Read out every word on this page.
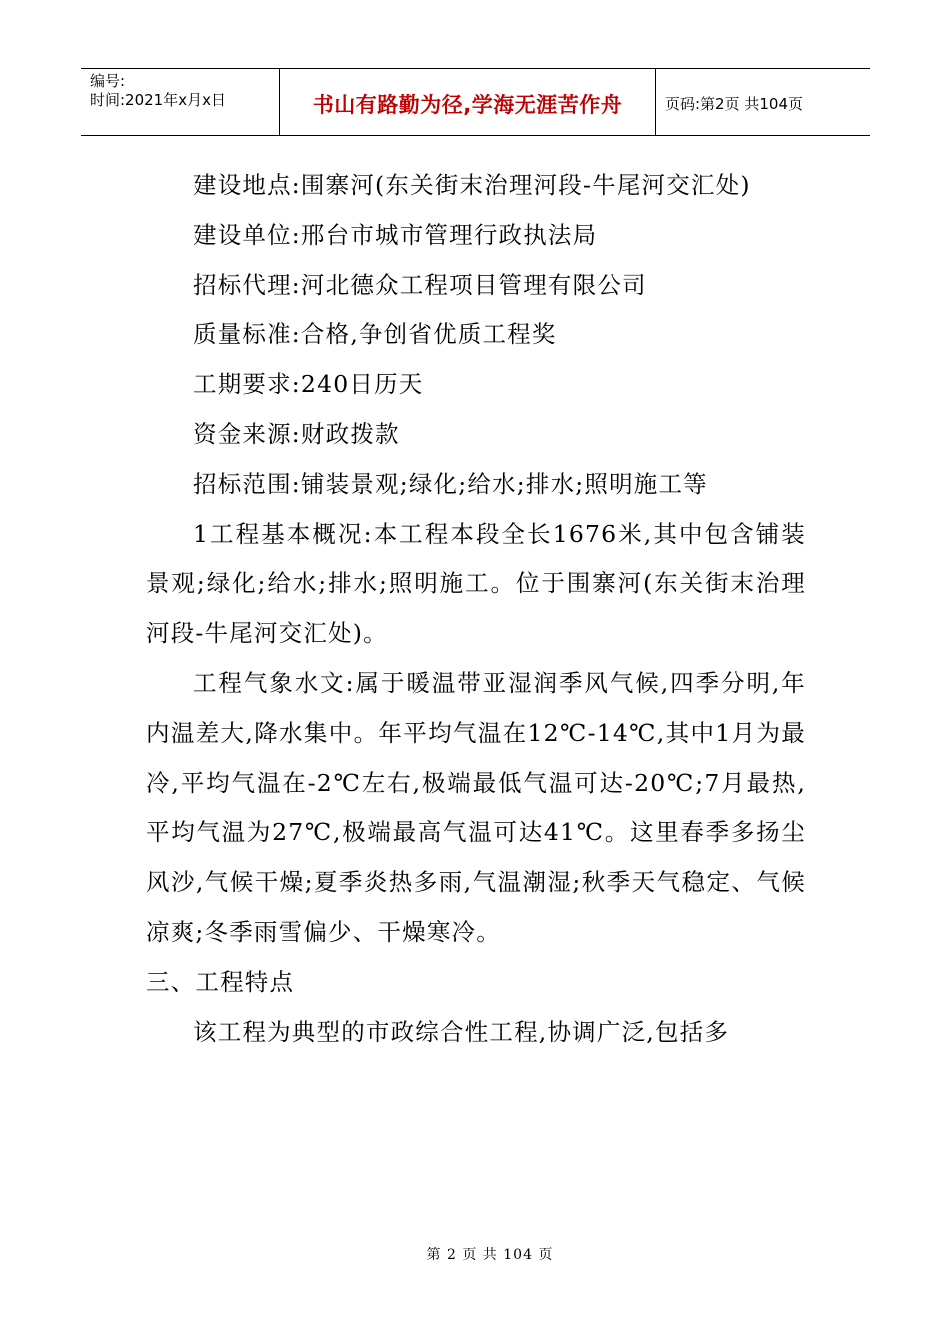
编号:
时间:2021年x月x日	书山有路勤为径,学海无涯苦作舟	页码:第2页 共104页

建设地点:围寨河(东关街末治理河段-牛尾河交汇处)

建设单位:邢台市城市管理行政执法局

招标代理:河北德众工程项目管理有限公司

质量标准:合格,争创省优质工程奖

工期要求:240日历天

资金来源:财政拨款

招标范围:铺装景观;绿化;给水;排水;照明施工等

1工程基本概况:本工程本段全长1676米,其中包含铺装景观;绿化;给水;排水;照明施工。位于围寨河(东关街末治理河段-牛尾河交汇处)。

工程气象水文:属于暖温带亚湿润季风气候,四季分明,年内温差大,降水集中。年平均气温在12℃-14℃,其中1月为最冷,平均气温在-2℃左右,极端最低气温可达-20℃;7月最热,平均气温为27℃,极端最高气温可达41℃。这里春季多扬尘风沙,气候干燥;夏季炎热多雨,气温潮湿;秋季天气稳定、气候凉爽;冬季雨雪偏少、干燥寒冷。

三、工程特点

该工程为典型的市政综合性工程,协调广泛,包括多

第 2 页 共 104 页
